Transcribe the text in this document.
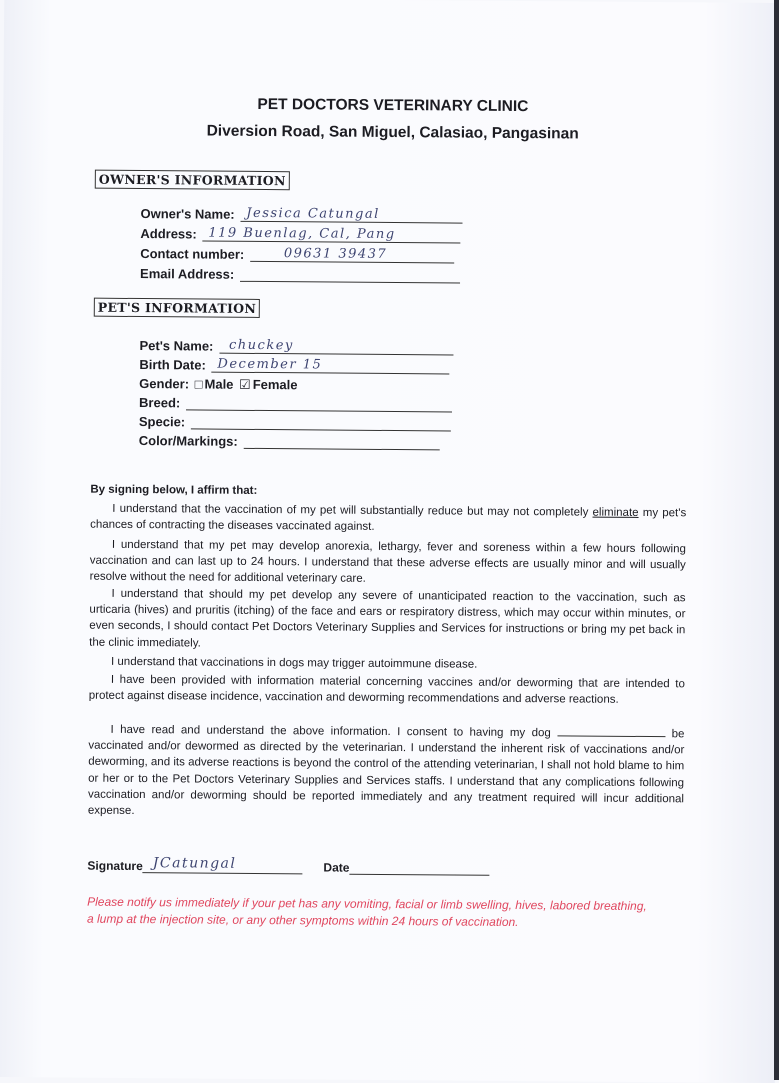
PET DOCTORS VETERINARY CLINIC
Diversion Road, San Miguel, Calasiao, Pangasinan
OWNER'S INFORMATION
Owner's Name: Jessica Catungal
Address: 119 Buenlag, Cal, Pang
Contact number:	09631 39437
Email Address:
PET'S INFORMATION
Pet's Name: chuckey
Birth Date: December 15
Gender: □ Male ☑ Female
Breed:
Specie:
Color/Markings:
By signing below, I affirm that:

I understand that the vaccination of my pet will substantially reduce but may not completely eliminate my pet's chances of contracting the diseases vaccinated against.

I understand that my pet may develop anorexia, lethargy, fever and soreness within a few hours following vaccination and can last up to 24 hours. I understand that these adverse effects are usually minor and will usually resolve without the need for additional veterinary care.

I understand that should my pet develop any severe of unanticipated reaction to the vaccination, such as urticaria (hives) and pruritis (itching) of the face and ears or respiratory distress, which may occur within minutes, or even seconds, I should contact Pet Doctors Veterinary Supplies and Services for instructions or bring my pet back in the clinic immediately.

I understand that vaccinations in dogs may trigger autoimmune disease.

I have been provided with information material concerning vaccines and/or deworming that are intended to protect against disease incidence, vaccination and deworming recommendations and adverse reactions.

I have read and understand the above information. I consent to having my dog	be vaccinated and/or dewormed as directed by the veterinarian. I understand the inherent risk of vaccinations and/or deworming, and its adverse reactions is beyond the control of the attending veterinarian, I shall not hold blame to him or her or to the Pet Doctors Veterinary Supplies and Services staffs. I understand that any complications following vaccination and/or deworming should be reported immediately and any treatment required will incur additional expense.

Signature JCatungal	Date

Please notify us immediately if your pet has any vomiting, facial or limb swelling, hives, labored breathing, a lump at the injection site, or any other symptoms within 24 hours of vaccination.
